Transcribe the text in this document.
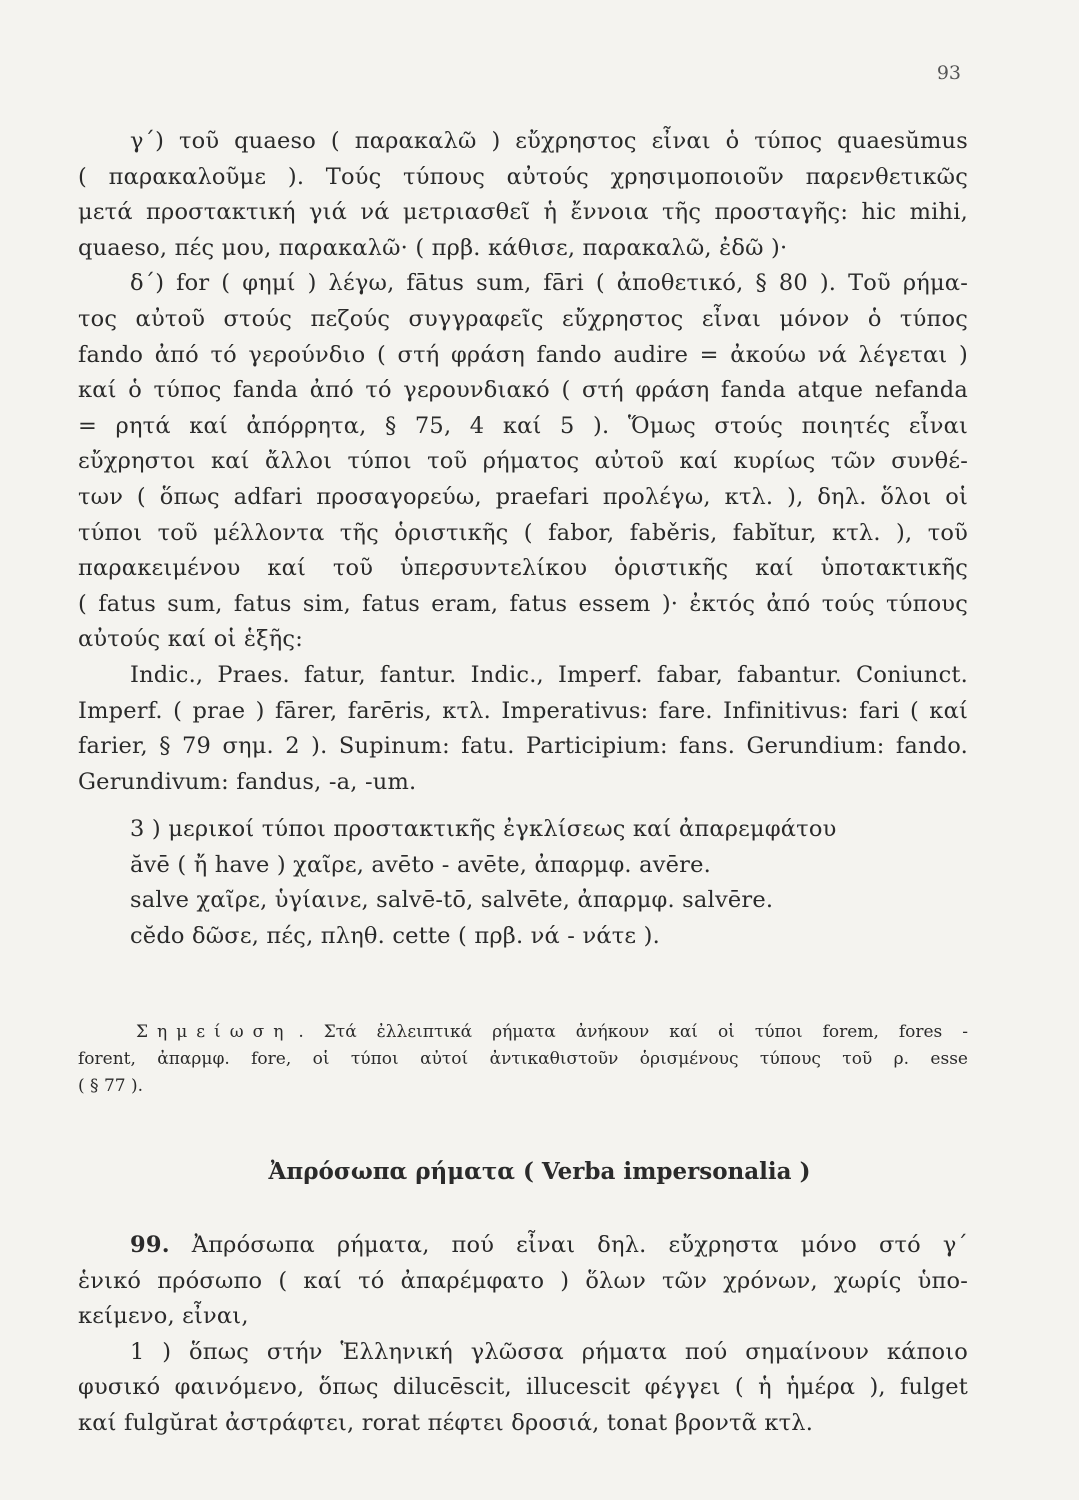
93
γ΄) τοῦ quaeso ( παρακαλῶ ) εὔχρηστος εἶναι ὁ τύπος quaesŭmus
( παρακαλοῦμε ). Τούς τύπους αὐτούς χρησιμοποιοῦν παρενθετικῶς
μετά προστακτική γιά νά μετριασθεῖ ἡ ἔννοια τῆς προσταγῆς: hic mihi,
quaeso, πές μου, παρακαλῶ· ( πρβ. κάθισε, παρακαλῶ, ἐδῶ )·
δ΄) for ( φημί ) λέγω, fātus sum, fāri ( ἀποθετικό, § 80 ). Τοῦ ρήμα-
τος αὐτοῦ στούς πεζούς συγγραφεῖς εὔχρηστος εἶναι μόνον ὁ τύπος
fando ἀπό τό γερούνδιο ( στή φράση fando audire = ἀκούω νά λέγεται )
καί ὁ τύπος fanda ἀπό τό γερουνδιακό ( στή φράση fanda atque nefanda
= ρητά καί ἀπόρρητα, § 75, 4 καί 5 ). Ὅμως στούς ποιητές εἶναι
εὔχρηστοι καί ἄλλοι τύποι τοῦ ρήματος αὐτοῦ καί κυρίως τῶν συνθέ-
των ( ὅπως adfari προσαγορεύω, praefari προλέγω, κτλ. ), δηλ. ὅλοι οἱ
τύποι τοῦ μέλλοντα τῆς ὁριστικῆς ( fabor, faběris, fabĭtur, κτλ. ), τοῦ
παρακειμένου καί τοῦ ὑπερσυντελίκου ὁριστικῆς καί ὑποτακτικῆς
( fatus sum, fatus sim, fatus eram, fatus essem )· ἐκτός ἀπό τούς τύπους
αὐτούς καί οἱ ἑξῆς:
Indic., Praes. fatur, fantur. Indic., Imperf. fabar, fabantur. Coniunct.
Imperf. ( prae ) fārer, farēris, κτλ. Imperativus: fare. Infinitivus: fari ( καί
farier, § 79 σημ. 2 ). Supinum: fatu. Participium: fans. Gerundium: fando.
Gerundivum: fandus, -a, -um.
3 ) μερικοί τύποι προστακτικῆς ἐγκλίσεως καί ἀπαρεμφάτου
ăvē ( ἤ have ) χαῖρε, avēto - avēte, ἀπαρμφ. avēre.
salve χαῖρε, ὑγίαινε, salvē-tō, salvēte, ἀπαρμφ. salvēre.
cĕdo δῶσε, πές, πληθ. cette ( πρβ. νά - νάτε ).
Σημείωση . Στά ἐλλειπτικά ρήματα ἀνήκουν καί οἱ τύποι forem, fores -
forent, ἀπαρμφ. fore, οἱ τύποι αὐτοί ἀντικαθιστοῦν ὁρισμένους τύπους τοῦ ρ. esse
( § 77 ).
Ἀπρόσωπα ρήματα ( Verba impersonalia )
99. Ἀπρόσωπα ρήματα, πού εἶναι δηλ. εὔχρηστα μόνο στό γ΄
ἑνικό πρόσωπο ( καί τό ἀπαρέμφατο ) ὅλων τῶν χρόνων, χωρίς ὑπο-
κείμενο, εἶναι,
1 ) ὅπως στήν Ἑλληνική γλῶσσα ρήματα πού σημαίνουν κάποιο
φυσικό φαινόμενο, ὅπως dilucēscit, illucescit φέγγει ( ἡ ἡμέρα ), fulget
καί fulgŭrat ἀστράφτει, rorat πέφτει δροσιά, tonat βροντᾶ κτλ.
